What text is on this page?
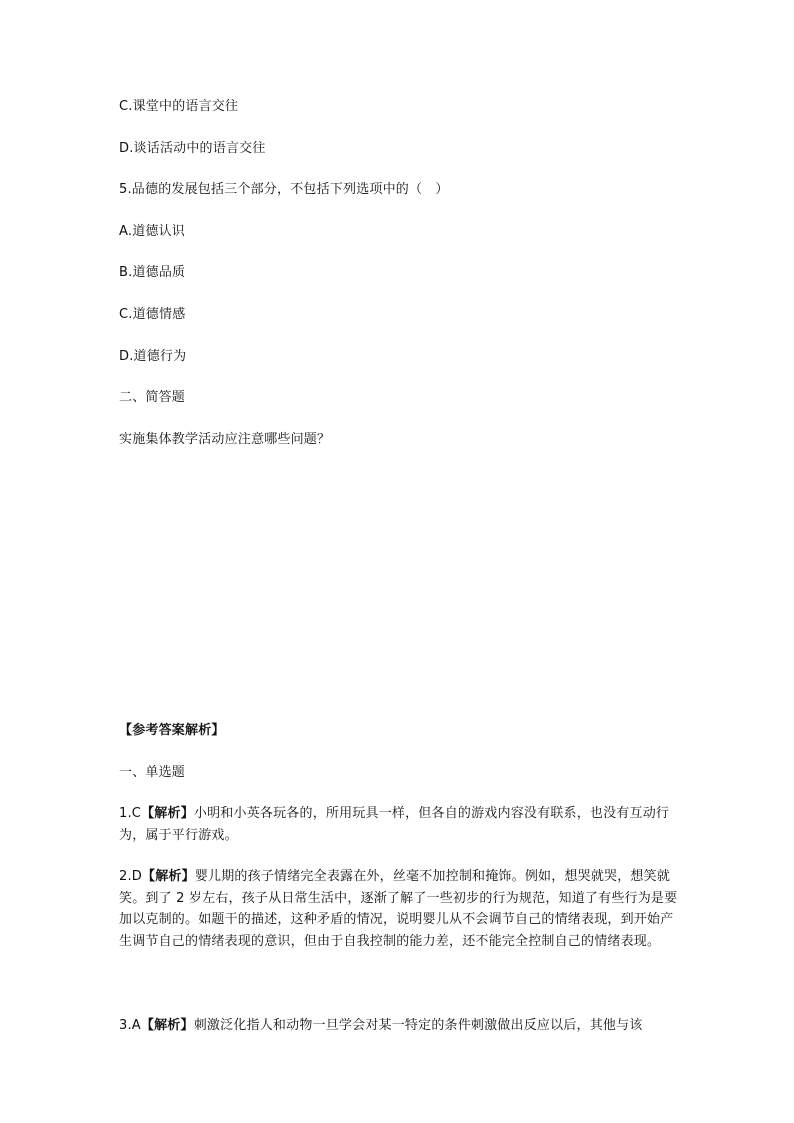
C.课堂中的语言交往
D.谈话活动中的语言交往
5.品德的发展包括三个部分，不包括下列选项中的（　）
A.道德认识
B.道德品质
C.道德情感
D.道德行为
二、简答题
实施集体教学活动应注意哪些问题？
【参考答案解析】
一、单选题
1.C【解析】小明和小英各玩各的，所用玩具一样，但各自的游戏内容没有联系，也没有互动行为，属于平行游戏。
2.D【解析】婴儿期的孩子情绪完全表露在外，丝毫不加控制和掩饰。例如，想哭就哭，想笑就笑。到了 2 岁左右，孩子从日常生活中，逐渐了解了一些初步的行为规范，知道了有些行为是要加以克制的。如题干的描述，这种矛盾的情况，说明婴儿从不会调节自己的情绪表现，到开始产生调节自己的情绪表现的意识，但由于自我控制的能力差，还不能完全控制自己的情绪表现。
3.A【解析】刺激泛化指人和动物一旦学会对某一特定的条件刺激做出反应以后，其他与该
